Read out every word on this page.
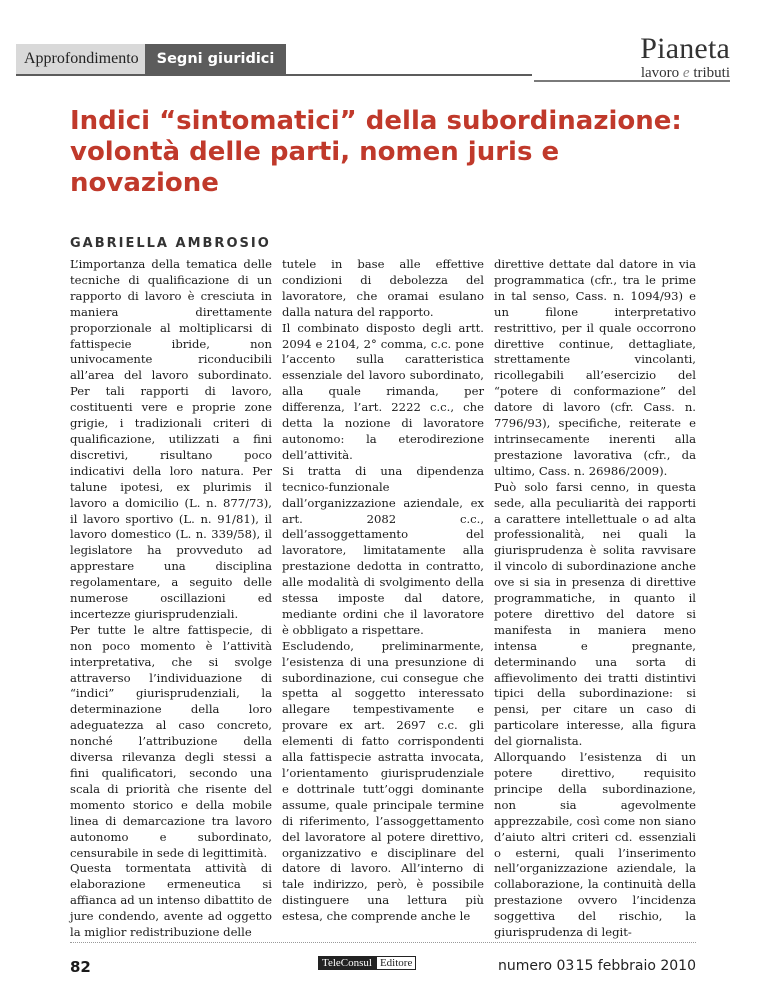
Approfondimento	Segni giuridici	Pianeta
lavoro e tributi
Indici “sintomatici” della subordinazione: volontà delle parti, nomen juris e novazione
GABRIELLA AMBROSIO

L’importanza della tematica delle tecniche di qualificazione di un rapporto di lavoro è cresciuta in maniera direttamente proporzionale al moltiplicarsi di fattispecie ibride, non univocamente riconducibili all’area del lavoro subordinato. Per tali rapporti di lavoro, costituenti vere e proprie zone grigie, i tradizionali criteri di qualificazione, utilizzati a fini discretivi, risultano poco indicativi della loro natura. Per talune ipotesi, ex plurimis il lavoro a domicilio (L. n. 877/73), il lavoro sportivo (L. n. 91/81), il lavoro domestico (L. n. 339/58), il legislatore ha provveduto ad apprestare una disciplina regolamentare, a seguito delle numerose oscillazioni ed incertezze giurisprudenziali.

Per tutte le altre fattispecie, di non poco momento è l’attività interpretativa, che si svolge attraverso l’individuazione di “indici” giurisprudenziali, la determinazione della loro adeguatezza al caso concreto, nonché l’attribuzione della diversa rilevanza degli stessi a fini qualificatori, secondo una scala di priorità che risente del momento storico e della mobile linea di demarcazione tra lavoro autonomo e subordinato, censurabile in sede di legittimità.

Questa tormentata attività di elaborazione ermeneutica si affianca ad un intenso dibattito de jure condendo, avente ad oggetto la miglior redistribuzione delle

tutele in base alle effettive condizioni di debolezza del lavoratore, che oramai esulano dalla natura del rapporto.

Il combinato disposto degli artt. 2094 e 2104, 2° comma, c.c. pone l’accento sulla caratteristica essenziale del lavoro subordinato, alla quale rimanda, per differenza, l’art. 2222 c.c., che detta la nozione di lavoratore autonomo: la eterodirezione dell’attività.

Si tratta di una dipendenza tecnico-funzionale dall’organizzazione aziendale, ex art. 2082 c.c., dell’assoggettamento del lavoratore, limitatamente alla prestazione dedotta in contratto, alle modalità di svolgimento della stessa imposte dal datore, mediante ordini che il lavoratore è obbligato a rispettare.

Escludendo, preliminarmente, l’esistenza di una presunzione di subordinazione, cui consegue che spetta al soggetto interessato allegare tempestivamente e provare ex art. 2697 c.c. gli elementi di fatto corrispondenti alla fattispecie astratta invocata, l’orientamento giurisprudenziale e dottrinale tutt’oggi dominante assume, quale principale termine di riferimento, l’assoggettamento del lavoratore al potere direttivo, organizzativo e disciplinare del datore di lavoro. All’interno di tale indirizzo, però, è possibile distinguere una lettura più estesa, che comprende anche le

direttive dettate dal datore in via programmatica (cfr., tra le prime in tal senso, Cass. n. 1094/93) e un filone interpretativo restrittivo, per il quale occorrono direttive continue, dettagliate, strettamente vincolanti, ricollegabili all’esercizio del “potere di conformazione” del datore di lavoro (cfr. Cass. n. 7796/93), specifiche, reiterate e intrinsecamente inerenti alla prestazione lavorativa (cfr., da ultimo, Cass. n. 26986/2009).

Può solo farsi cenno, in questa sede, alla peculiarità dei rapporti a carattere intellettuale o ad alta professionalità, nei quali la giurisprudenza è solita ravvisare il vincolo di subordinazione anche ove si sia in presenza di direttive programmatiche, in quanto il potere direttivo del datore si manifesta in maniera meno intensa e pregnante, determinando una sorta di affievolimento dei tratti distintivi tipici della subordinazione: si pensi, per citare un caso di particolare interesse, alla figura del giornalista.

Allorquando l’esistenza di un potere direttivo, requisito principe della subordinazione, non sia agevolmente apprezzabile, così come non siano d’aiuto altri criteri cd. essenziali o esterni, quali l’inserimento nell’organizzazione aziendale, la collaborazione, la continuità della prestazione ovvero l’incidenza soggettiva del rischio, la giurisprudenza di legit-

82	TeleConsul Editore	numero 03 15 febbraio 2010
